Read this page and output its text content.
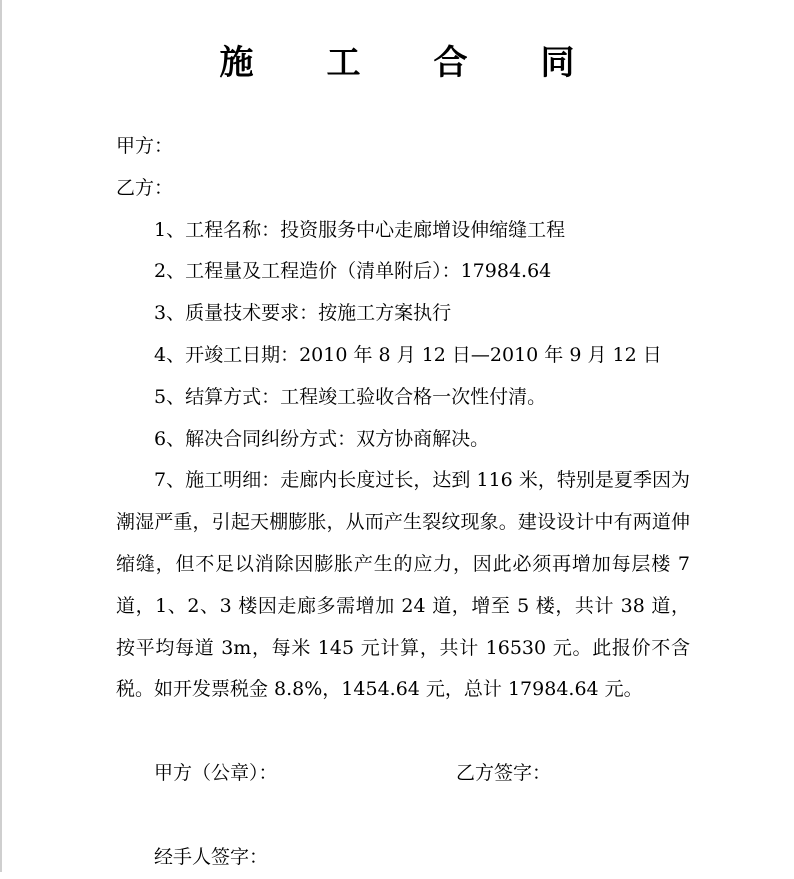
施 工 合 同
甲方：
乙方：
1、工程名称：投资服务中心走廊增设伸缩缝工程
2、工程量及工程造价（清单附后）：17984.64
3、质量技术要求：按施工方案执行
4、开竣工日期：2010 年 8 月 12 日—2010 年 9 月 12 日
5、结算方式：工程竣工验收合格一次性付清。
6、解决合同纠纷方式：双方协商解决。
7、施工明细：走廊内长度过长，达到 116 米，特别是夏季因为潮湿严重，引起天棚膨胀，从而产生裂纹现象。建设设计中有两道伸缩缝，但不足以消除因膨胀产生的应力，因此必须再增加每层楼 7 道，1、2、3 楼因走廊多需增加 24 道，增至 5 楼，共计 38 道，按平均每道 3m，每米 145 元计算，共计 16530 元。此报价不含税。如开发票税金 8.8%，1454.64 元，总计 17984.64 元。
甲方（公章）：	乙方签字：
经手人签字：
